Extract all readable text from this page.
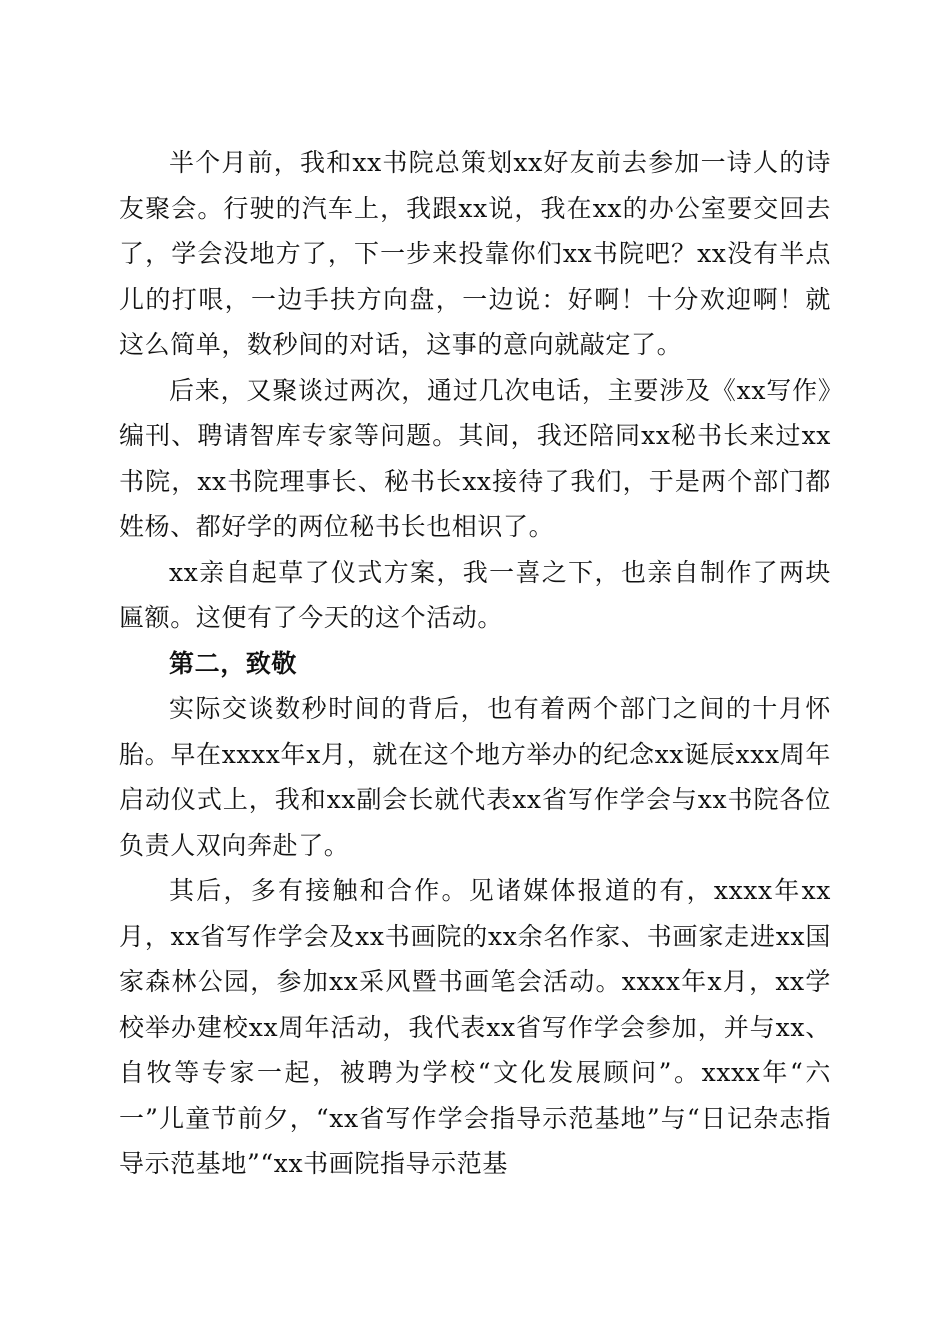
半个月前，我和xx书院总策划xx好友前去参加一诗人的诗友聚会。行驶的汽车上，我跟xx说，我在xx的办公室要交回去了，学会没地方了，下一步来投靠你们xx书院吧？xx没有半点儿的打哏，一边手扶方向盘，一边说：好啊！十分欢迎啊！就这么简单，数秒间的对话，这事的意向就敲定了。

后来，又聚谈过两次，通过几次电话，主要涉及《xx写作》编刊、聘请智库专家等问题。其间，我还陪同xx秘书长来过xx书院，xx书院理事长、秘书长xx接待了我们，于是两个部门都姓杨、都好学的两位秘书长也相识了。

xx亲自起草了仪式方案，我一喜之下，也亲自制作了两块匾额。这便有了今天的这个活动。

第二，致敬

实际交谈数秒时间的背后，也有着两个部门之间的十月怀胎。早在xxxx年x月，就在这个地方举办的纪念xx诞辰xxx周年启动仪式上，我和xx副会长就代表xx省写作学会与xx书院各位负责人双向奔赴了。

其后，多有接触和合作。见诸媒体报道的有，xxxx年xx月，xx省写作学会及xx书画院的xx余名作家、书画家走进xx国家森林公园，参加xx采风暨书画笔会活动。xxxx年x月，xx学校举办建校xx周年活动，我代表xx省写作学会参加，并与xx、自牧等专家一起，被聘为学校“文化发展顾问”。xxxx年“六一”儿童节前夕，“xx省写作学会指导示范基地”与“日记杂志指导示范基地”“xx书画院指导示范基
